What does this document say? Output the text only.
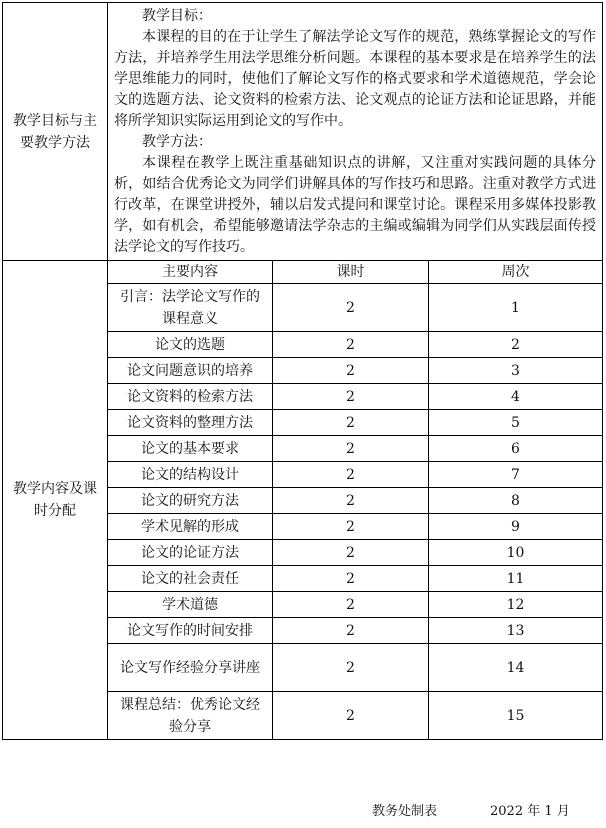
教学目标与主要教学方法

教学目标：

本课程的目的在于让学生了解法学论文写作的规范，熟练掌握论文的写作方法，并培养学生用法学思维分析问题。本课程的基本要求是在培养学生的法学思维能力的同时，使他们了解论文写作的格式要求和学术道德规范，学会论文的选题方法、论文资料的检索方法、论文观点的论证方法和论证思路，并能将所学知识实际运用到论文的写作中。

教学方法：

本课程在教学上既注重基础知识点的讲解，又注重对实践问题的具体分析，如结合优秀论文为同学们讲解具体的写作技巧和思路。注重对教学方式进行改革，在课堂讲授外，辅以启发式提问和课堂讨论。课程采用多媒体投影教学，如有机会，希望能够邀请法学杂志的主编或编辑为同学们从实践层面传授法学论文的写作技巧。

教学内容及课时分配

主要内容	课时	周次
引言：法学论文写作的课程意义	2	1
论文的选题	2	2
论文问题意识的培养	2	3
论文资料的检索方法	2	4
论文资料的整理方法	2	5
论文的基本要求	2	6
论文的结构设计	2	7
论文的研究方法	2	8
学术见解的形成	2	9
论文的论证方法	2	10
论文的社会责任	2	11
学术道德	2	12
论文写作的时间安排	2	13
论文写作经验分享讲座	2	14
课程总结：优秀论文经验分享	2	15
教务处制表	2022 年 1 月
